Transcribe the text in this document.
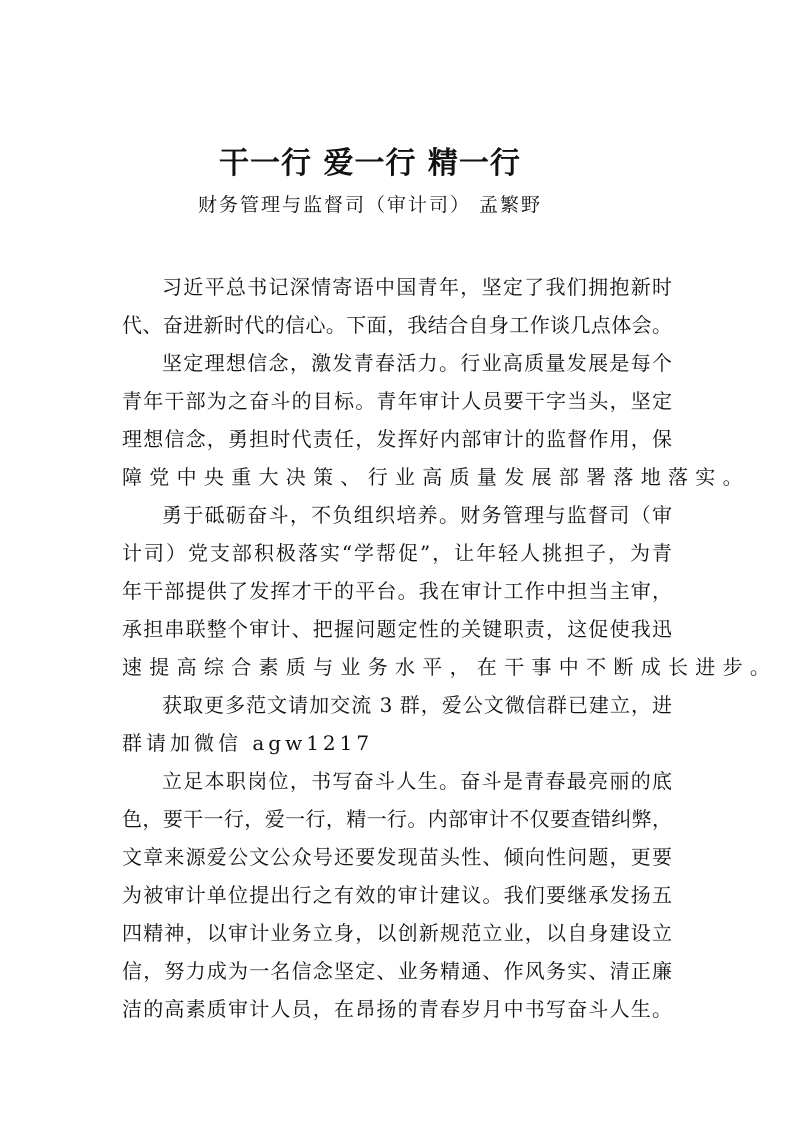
干一行 爱一行 精一行
财务管理与监督司（审计司） 孟繁野
习近平总书记深情寄语中国青年，坚定了我们拥抱新时
代、奋进新时代的信心。下面，我结合自身工作谈几点体会。
坚定理想信念，激发青春活力。行业高质量发展是每个
青年干部为之奋斗的目标。青年审计人员要干字当头，坚定
理想信念，勇担时代责任，发挥好内部审计的监督作用，保
障党中央重大决策、行业高质量发展部署落地落实。
勇于砥砺奋斗，不负组织培养。财务管理与监督司（审
计司）党支部积极落实“学帮促”，让年轻人挑担子，为青
年干部提供了发挥才干的平台。我在审计工作中担当主审，
承担串联整个审计、把握问题定性的关键职责，这促使我迅
速提高综合素质与业务水平，在干事中不断成长进步。
获取更多范文请加交流 3 群，爱公文微信群已建立，进
群请加微信 agw1217
立足本职岗位，书写奋斗人生。奋斗是青春最亮丽的底
色，要干一行，爱一行，精一行。内部审计不仅要查错纠弊，
文章来源爱公文公众号还要发现苗头性、倾向性问题，更要
为被审计单位提出行之有效的审计建议。我们要继承发扬五
四精神，以审计业务立身，以创新规范立业，以自身建设立
信，努力成为一名信念坚定、业务精通、作风务实、清正廉
洁的高素质审计人员，在昂扬的青春岁月中书写奋斗人生。
